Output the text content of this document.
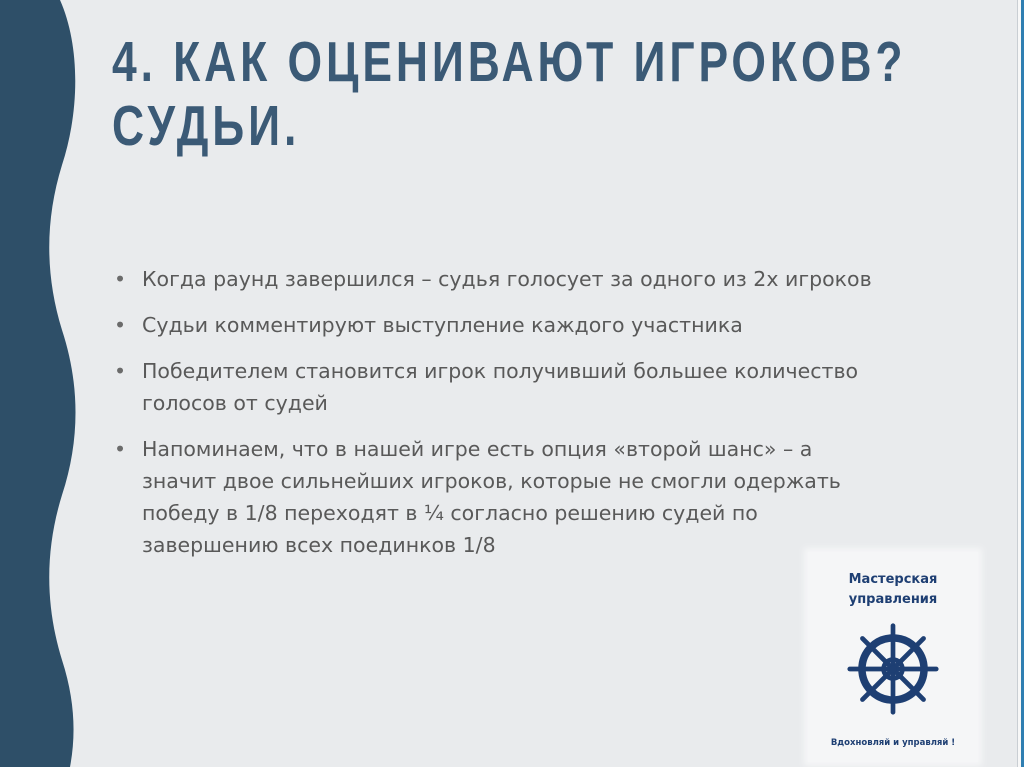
4. КАК ОЦЕНИВАЮТ ИГРОКОВ?
СУДЬИ.
• Когда раунд завершился – судья голосует за одного из 2х игроков
• Судьи комментируют выступление каждого участника
• Победителем становится игрок получивший большее количество голосов от судей
• Напоминаем, что в нашей игре есть опция «второй шанс» – а значит двое сильнейших игроков, которые не смогли одержать победу в 1/8 переходят в ¼ согласно решению судей по завершению всех поединков 1/8
Мастерская
управления
Вдохновляй и управляй !
